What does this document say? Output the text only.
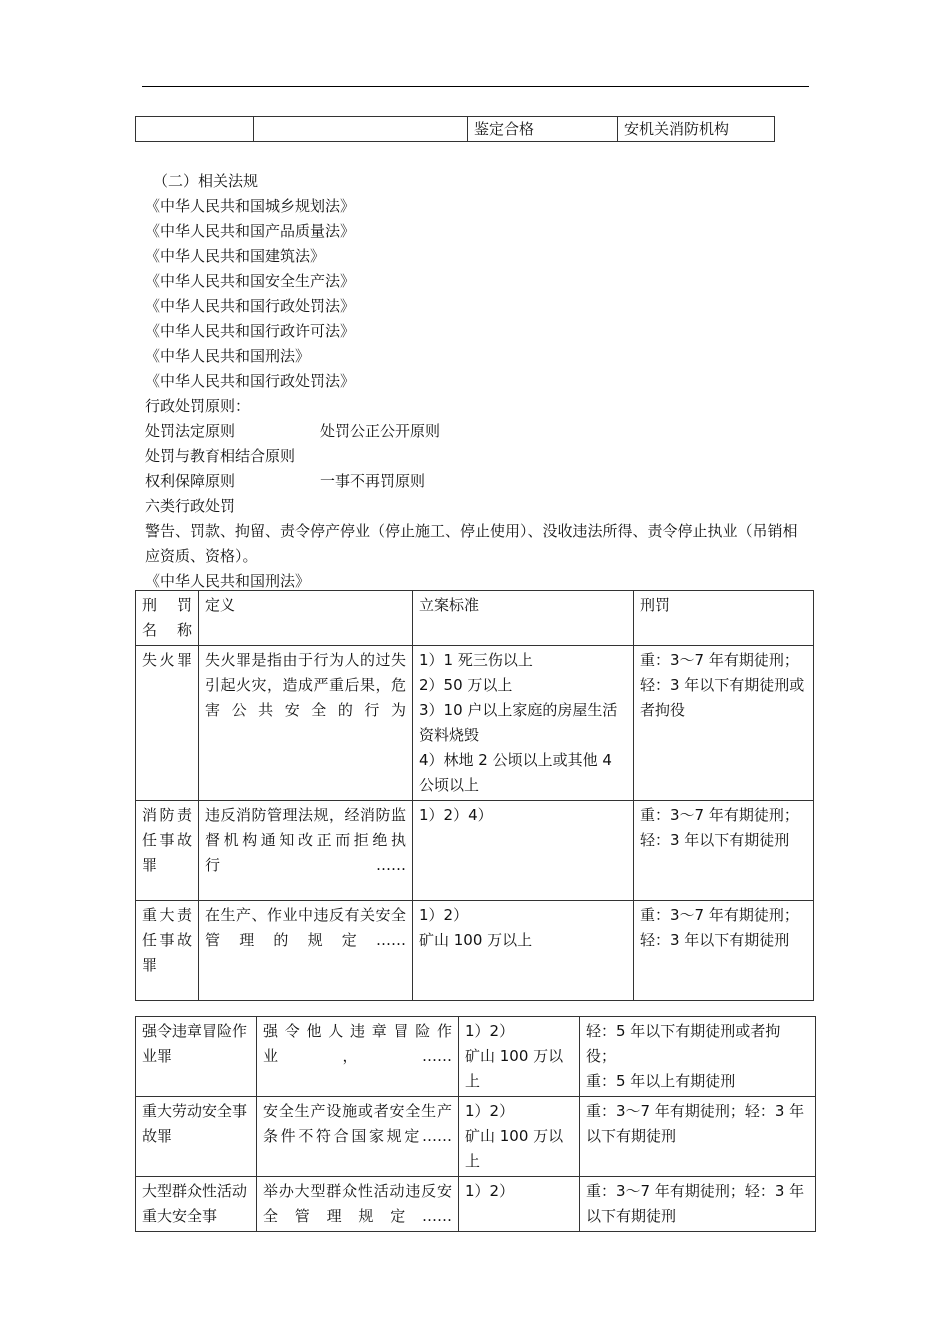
		鉴定合格	安机关消防机构
（二）相关法规
《中华人民共和国城乡规划法》
《中华人民共和国产品质量法》
《中华人民共和国建筑法》
《中华人民共和国安全生产法》
《中华人民共和国行政处罚法》
《中华人民共和国行政许可法》
《中华人民共和国刑法》
《中华人民共和国行政处罚法》
行政处罚原则：
处罚法定原则	处罚公正公开原则
处罚与教育相结合原则
权利保障原则	一事不再罚原则
六类行政处罚
警告、罚款、拘留、责令停产停业（停止施工、停止使用）、没收违法所得、责令停止执业（吊销相应资质、资格）。
《中华人民共和国刑法》
刑　罚名称	定义	立案标准	刑罚
失火罪	失火罪是指由于行为人的过失引起火灾，造成严重后果，危害公共安全的行为	1）1 死三伤以上
2）50 万以上
3）10 户以上家庭的房屋生活资料烧毁
4）林地 2 公顷以上或其他 4 公顷以上	重：3～7 年有期徒刑；
轻：3 年以下有期徒刑或者拘役

消防责任事故罪	违反消防管理法规，经消防监督机构通知改正而拒绝执行……	1）2）4）	重：3～7 年有期徒刑；
轻：3 年以下有期徒刑

重大责任事故罪	在生产、作业中违反有关安全管理的规定……	1）2）
矿山 100 万以上	重：3～7 年有期徒刑；
轻：3 年以下有期徒刑
强令违章冒险作业罪	强令他人违章冒险作业，……	1）2）
矿山 100 万以上	轻：5 年以下有期徒刑或者拘役；
重：5 年以上有期徒刑

重大劳动安全事故罪	安全生产设施或者安全生产条件不符合国家规定……	1）2）
矿山 100 万以上	重：3～7 年有期徒刑；轻：3 年以下有期徒刑

大型群众性活动重大安全事	举办大型群众性活动违反安全管理规定……	1）2）	重：3～7 年有期徒刑；轻：3 年以下有期徒刑
